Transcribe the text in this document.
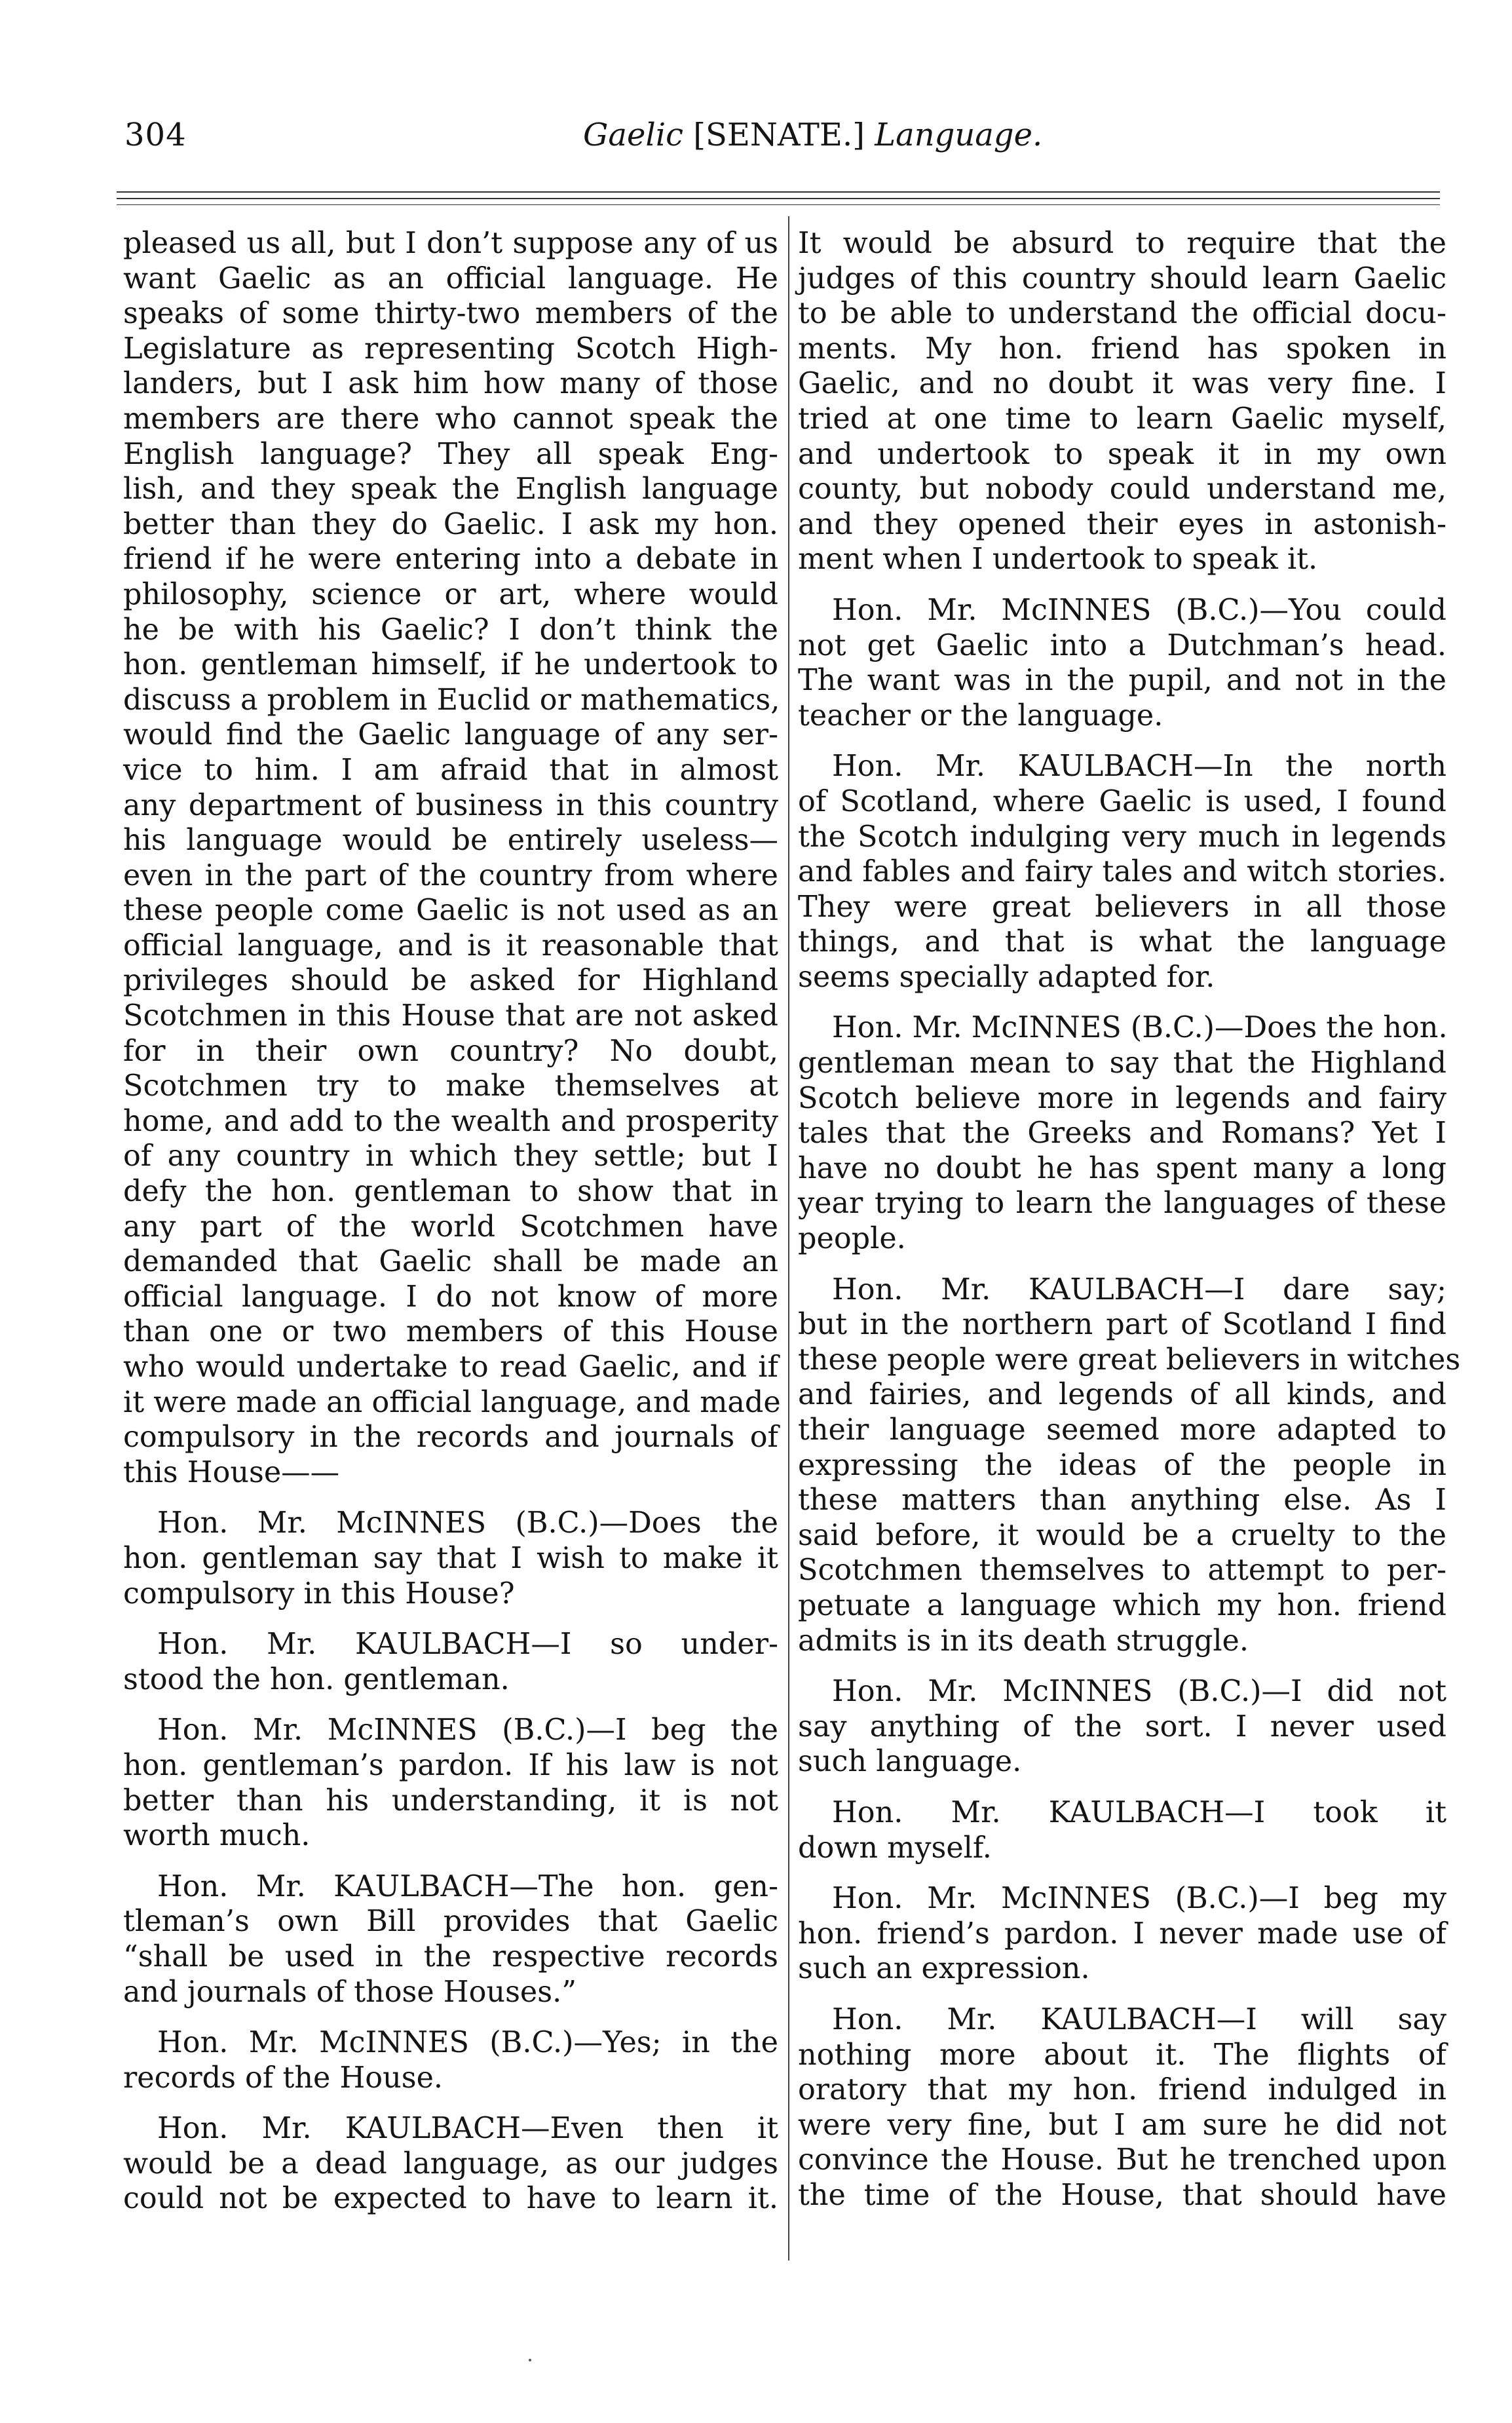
304	Gaelic [SENATE.] Language.
pleased us all, but I don’t suppose any of us
want Gaelic as an official language. He
speaks of some thirty-two members of the
Legislature as representing Scotch High-
landers, but I ask him how many of those
members are there who cannot speak the
English language? They all speak Eng-
lish, and they speak the English language
better than they do Gaelic. I ask my hon.
friend if he were entering into a debate in
philosophy, science or art, where would
he be with his Gaelic? I don’t think the
hon. gentleman himself, if he undertook to
discuss a problem in Euclid or mathematics,
would find the Gaelic language of any ser-
vice to him. I am afraid that in almost
any department of business in this country
his language would be entirely useless—
even in the part of the country from where
these people come Gaelic is not used as an
official language, and is it reasonable that
privileges should be asked for Highland
Scotchmen in this House that are not asked
for in their own country? No doubt,
Scotchmen try to make themselves at
home, and add to the wealth and prosperity
of any country in which they settle; but I
defy the hon. gentleman to show that in
any part of the world Scotchmen have
demanded that Gaelic shall be made an
official language. I do not know of more
than one or two members of this House
who would undertake to read Gaelic, and if
it were made an official language, and made
compulsory in the records and journals of
this House——
Hon. Mr. McINNES (B.C.)—Does the
hon. gentleman say that I wish to make it
compulsory in this House?
Hon. Mr. KAULBACH—I so under-
stood the hon. gentleman.
Hon. Mr. McINNES (B.C.)—I beg the
hon. gentleman’s pardon. If his law is not
better than his understanding, it is not
worth much.
Hon. Mr. KAULBACH—The hon. gen-
tleman’s own Bill provides that Gaelic
“shall be used in the respective records
and journals of those Houses.”
Hon. Mr. McINNES (B.C.)—Yes; in the
records of the House.
Hon. Mr. KAULBACH—Even then it
would be a dead language, as our judges
could not be expected to have to learn it.
It would be absurd to require that the
judges of this country should learn Gaelic
to be able to understand the official docu-
ments. My hon. friend has spoken in
Gaelic, and no doubt it was very fine. I
tried at one time to learn Gaelic myself,
and undertook to speak it in my own
county, but nobody could understand me,
and they opened their eyes in astonish-
ment when I undertook to speak it.
Hon. Mr. McINNES (B.C.)—You could
not get Gaelic into a Dutchman’s head.
The want was in the pupil, and not in the
teacher or the language.
Hon. Mr. KAULBACH—In the north
of Scotland, where Gaelic is used, I found
the Scotch indulging very much in legends
and fables and fairy tales and witch stories.
They were great believers in all those
things, and that is what the language
seems specially adapted for.
Hon. Mr. McINNES (B.C.)—Does the hon.
gentleman mean to say that the Highland
Scotch believe more in legends and fairy
tales that the Greeks and Romans? Yet I
have no doubt he has spent many a long
year trying to learn the languages of these
people.
Hon. Mr. KAULBACH—I dare say;
but in the northern part of Scotland I find
these people were great believers in witches
and fairies, and legends of all kinds, and
their language seemed more adapted to
expressing the ideas of the people in
these matters than anything else. As I
said before, it would be a cruelty to the
Scotchmen themselves to attempt to per-
petuate a language which my hon. friend
admits is in its death struggle.
Hon. Mr. McINNES (B.C.)—I did not
say anything of the sort. I never used
such language.
Hon. Mr. KAULBACH—I took it
down myself.
Hon. Mr. McINNES (B.C.)—I beg my
hon. friend’s pardon. I never made use of
such an expression.
Hon. Mr. KAULBACH—I will say
nothing more about it. The flights of
oratory that my hon. friend indulged in
were very fine, but I am sure he did not
convince the House. But he trenched upon
the time of the House, that should have
